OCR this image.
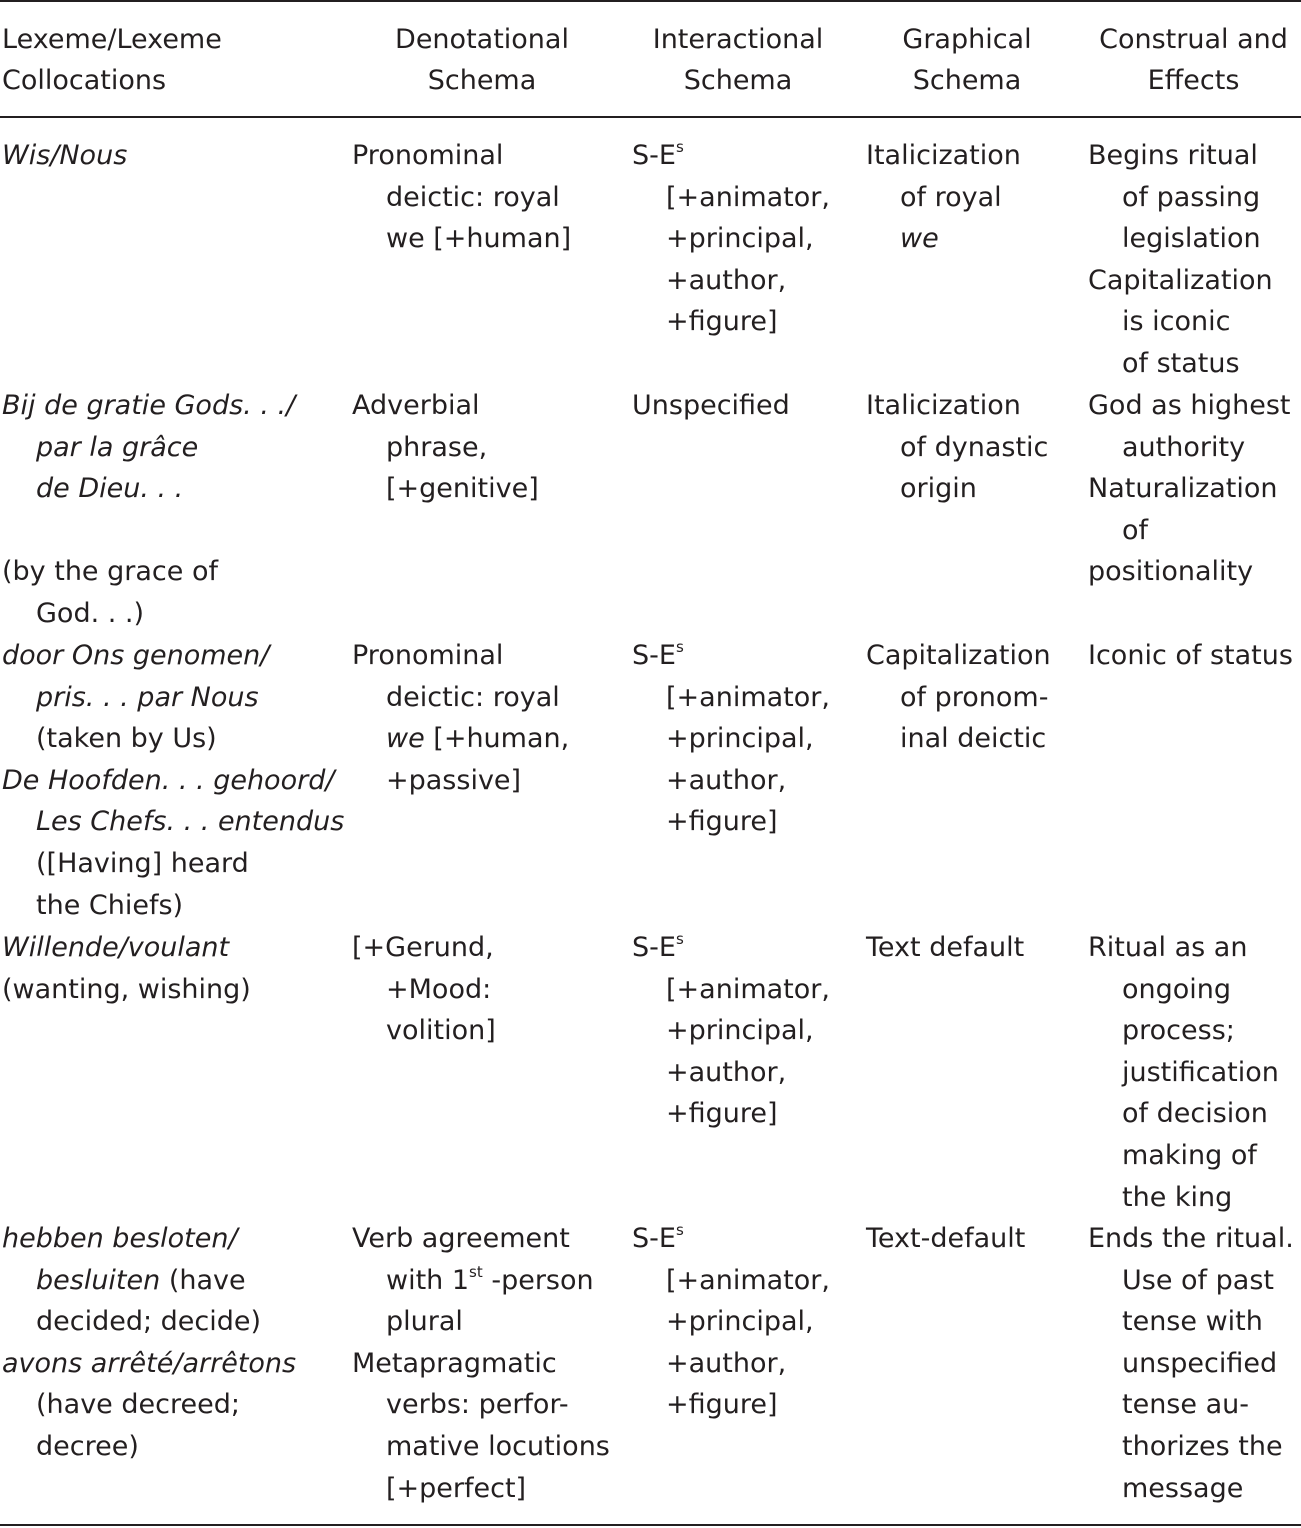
Lexeme/Lexeme
Collocations
Denotational
Schema
Interactional
Schema
Graphical
Schema
Construal and
Effects
Wis/Nous	Pronominal
deictic: royal
we [+human]
$S-E^s$
[+animator,
+principal,
+author,
+figure]
Italicization
of royal
we
Begins ritual
of passing
legislation
Capitalization
is iconic
of status
Bij de gratie Gods. . ./
par la grâce
de Dieu. . .
(by the grace of
God. . .)
Adverbial
phrase,
[+genitive]
Unspecified	Italicization
of dynastic
origin
God as highest
authority
Naturalization
of
positionality
door Ons genomen/
pris. . . par Nous
(taken by Us)
De Hoofden. . . gehoord/
Les Chefs. . . entendus
([Having] heard
the Chiefs)
Pronominal
deictic: royal
we [+human,
+passive]
$S-E^s$
[+animator,
+principal,
+author,
+figure]
Capitalization
of pronom-
inal deictic
Iconic of status
Willende/voulant
(wanting, wishing)
[+Gerund,
+Mood:
volition]
$S-E^s$
[+animator,
+principal,
+author,
+figure]
Text default Ritual as an
ongoing
process;
justification
of decision
making of
the king
hebben besloten/
besluiten (have
decided; decide)
avons arrêté/arrêtons
(have decreed;
decree)
Verb agreement
with 1st -person
plural
Metapragmatic
verbs: perfor-
mative locutions
[+perfect]
$S-E^s$
[+animator,
+principal,
+author,
+figure]
Text-default Ends the ritual.
Use of past
tense with
unspecified
tense au-
thorizes the
message
